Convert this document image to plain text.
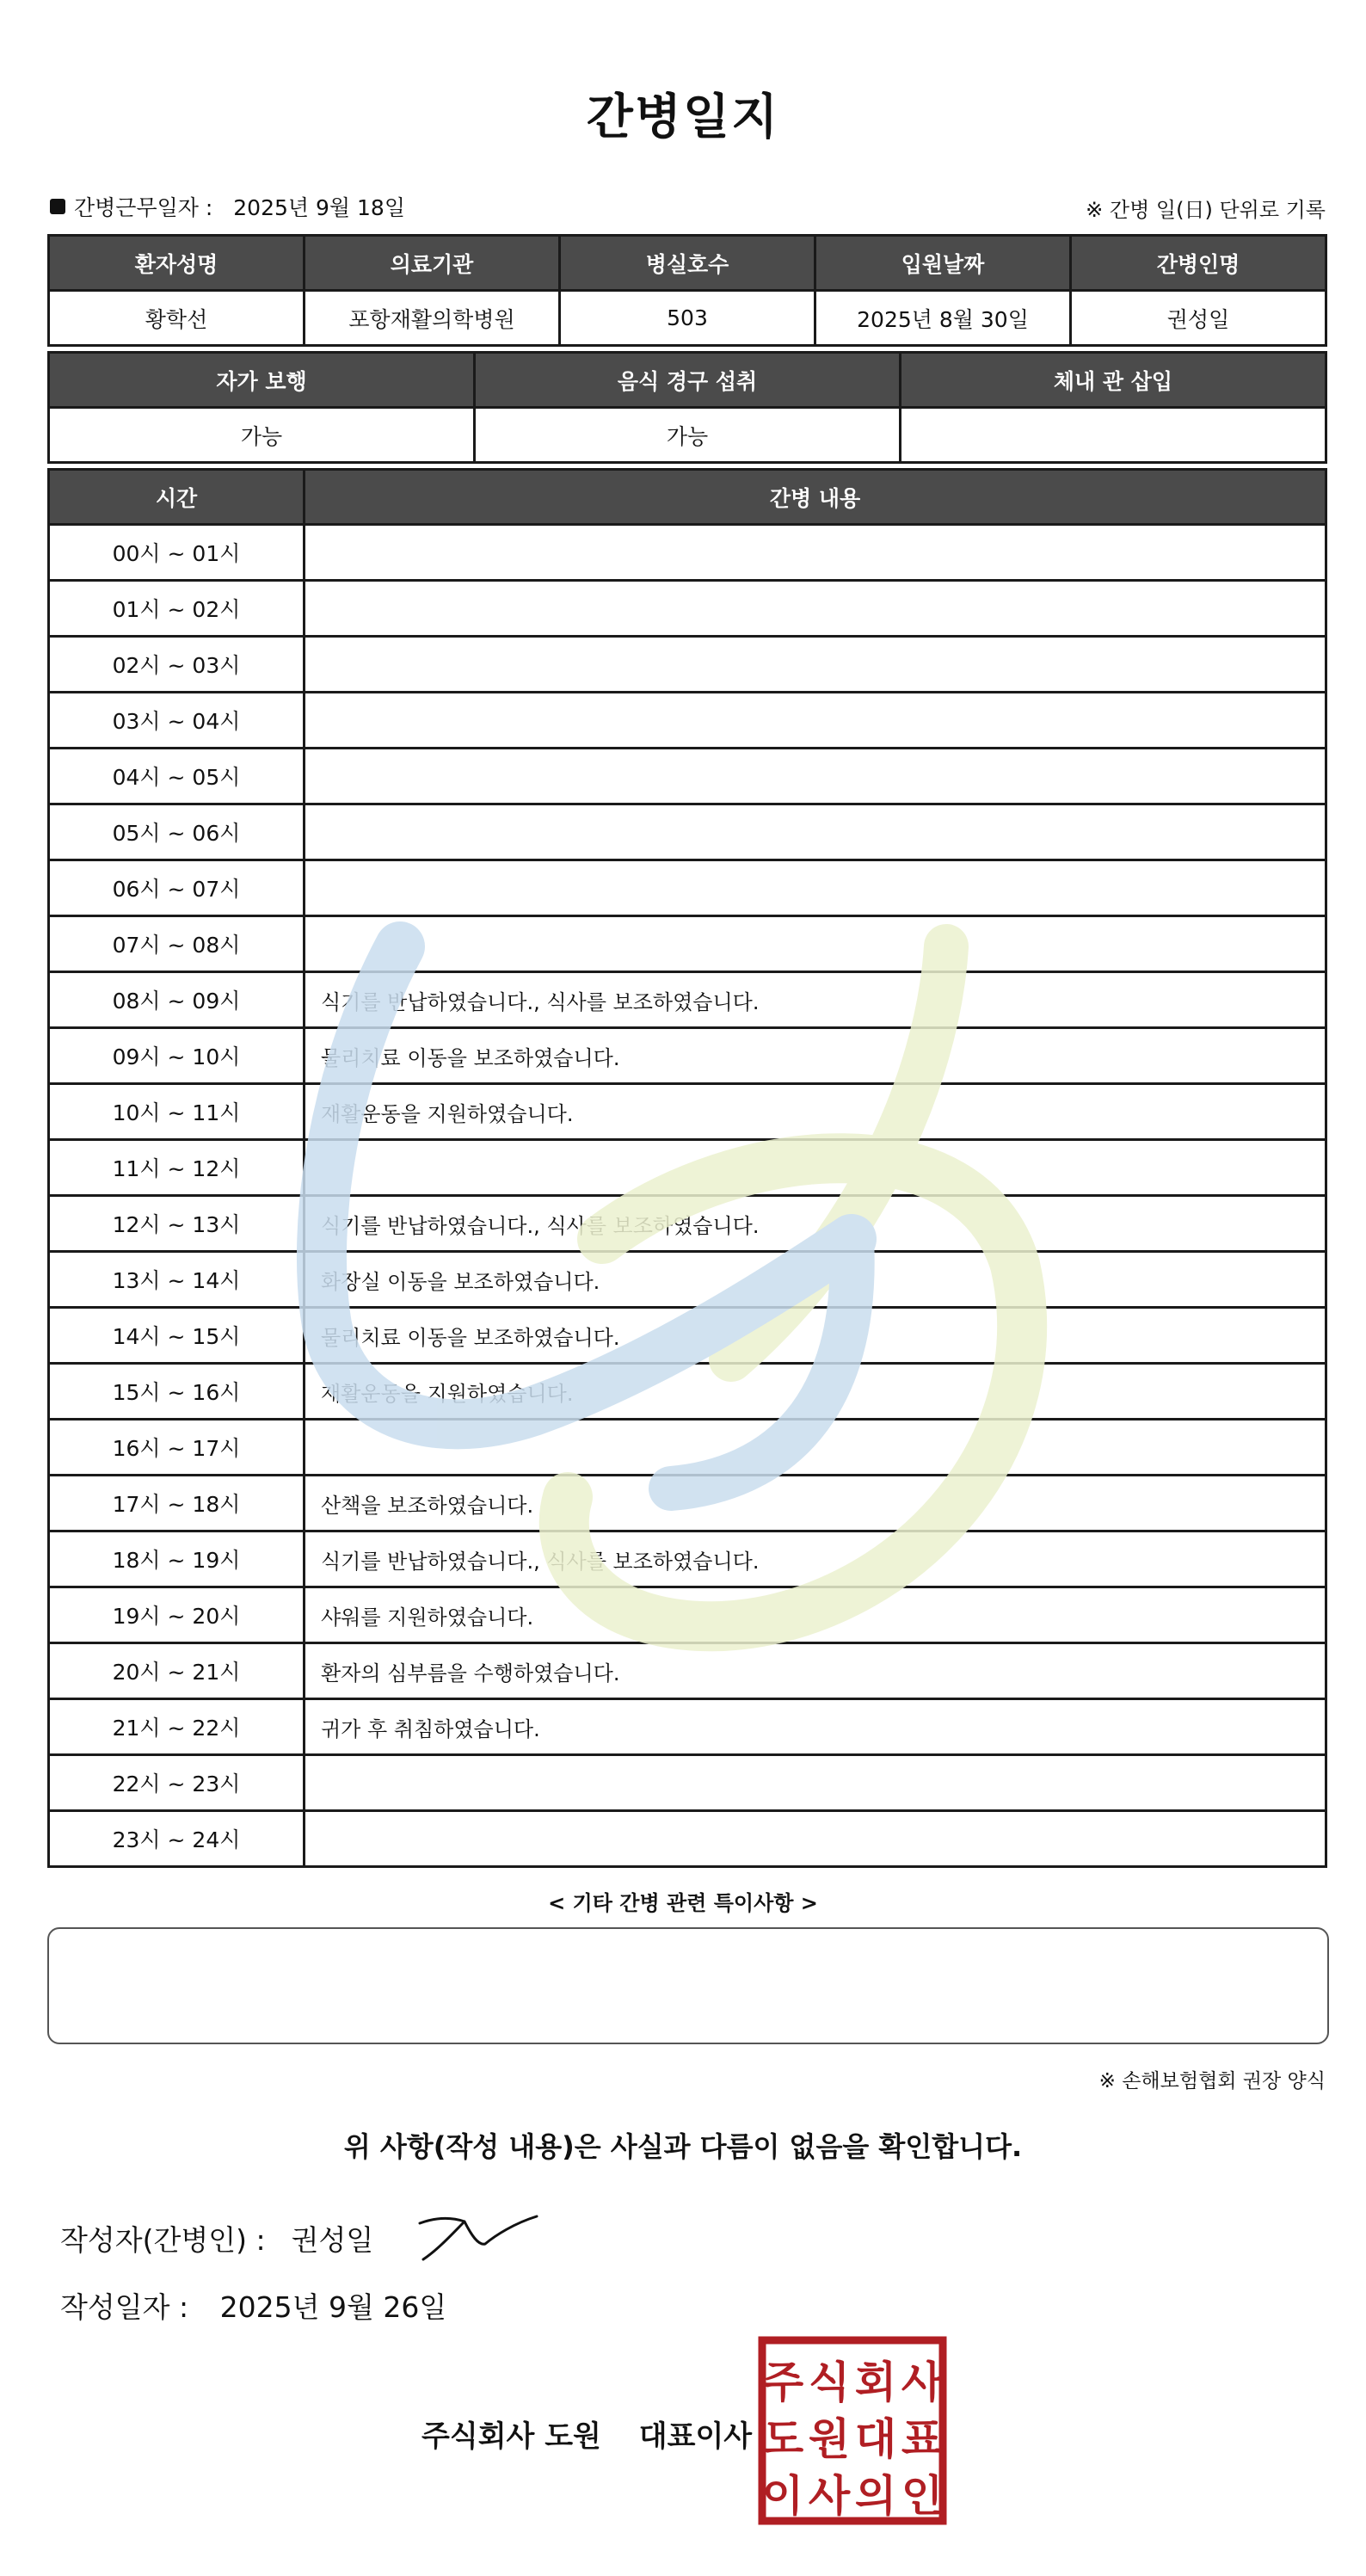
간병일지
간병근무일자 : 2025년 9월 18일	※ 간병 일(日) 단위로 기록
환자성명	의료기관	병실호수	입원날짜	간병인명
황학선	포항재활의학병원	503	2025년 8월 30일	권성일
자가 보행	음식 경구 섭취	체내 관 삽입
가능	가능	
시간	간병 내용
00시 ~ 01시	
01시 ~ 02시	
02시 ~ 03시	
03시 ~ 04시	
04시 ~ 05시	
05시 ~ 06시	
06시 ~ 07시	
07시 ~ 08시	
08시 ~ 09시	식기를 반납하였습니다., 식사를 보조하였습니다.
09시 ~ 10시	물리치료 이동을 보조하였습니다.
10시 ~ 11시	재활운동을 지원하였습니다.
11시 ~ 12시	
12시 ~ 13시	식기를 반납하였습니다., 식사를 보조하였습니다.
13시 ~ 14시	화장실 이동을 보조하였습니다.
14시 ~ 15시	물리치료 이동을 보조하였습니다.
15시 ~ 16시	재활운동을 지원하였습니다.
16시 ~ 17시	
17시 ~ 18시	산책을 보조하였습니다.
18시 ~ 19시	식기를 반납하였습니다., 식사를 보조하였습니다.
19시 ~ 20시	샤워를 지원하였습니다.
20시 ~ 21시	환자의 심부름을 수행하였습니다.
21시 ~ 22시	귀가 후 취침하였습니다.
22시 ~ 23시	
23시 ~ 24시	
< 기타 간병 관련 특이사항 >
※ 손해보험협회 권장 양식
위 사항(작성 내용)은 사실과 다름이 없음을 확인합니다.
작성자(간병인) : 권성일
작성일자 : 2025년 9월 26일
주식회사 도원 대표이사
주 식 회 사
도 원 대 표
이 사 의 인
